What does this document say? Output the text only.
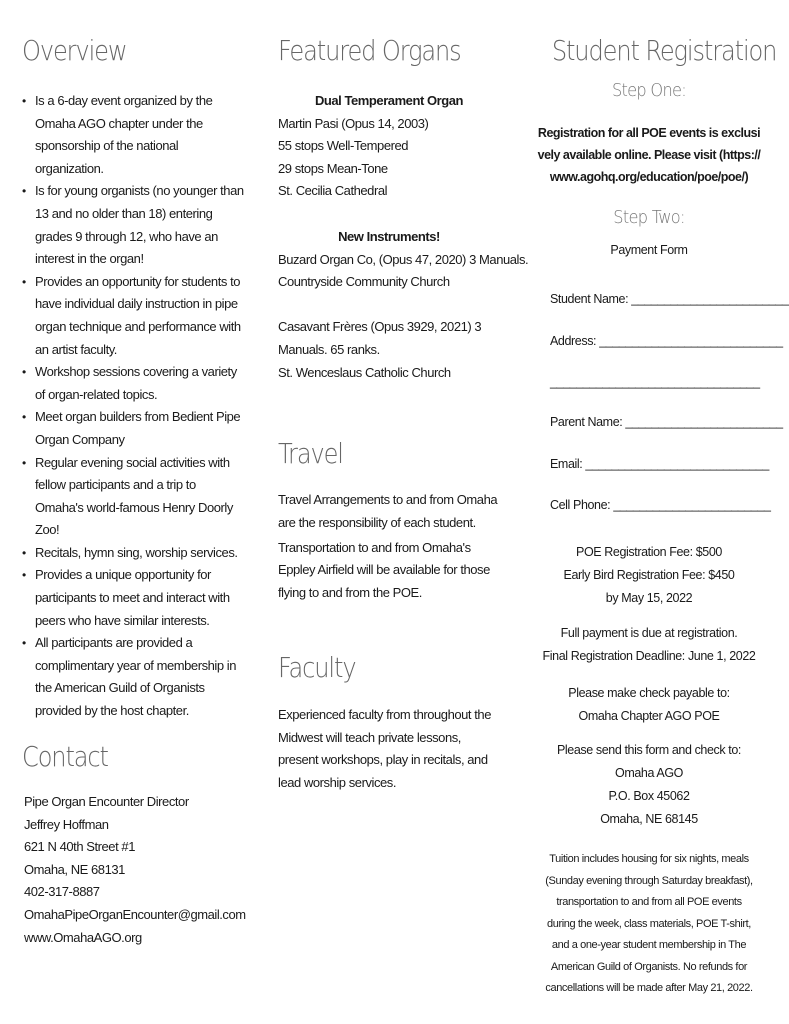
Overview
• Is a 6-day event organized by the Omaha AGO chapter under the sponsorship of the national organization.
• Is for young organists (no younger than 13 and no older than 18) entering grades 9 through 12, who have an interest in the organ!
• Provides an opportunity for students to have individual daily instruction in pipe organ technique and performance with an artist faculty.
• Workshop sessions covering a variety of organ-related topics.
• Meet organ builders from Bedient Pipe Organ Company
• Regular evening social activities with fellow participants and a trip to Omaha's world-famous Henry Doorly Zoo!
• Recitals, hymn sing, worship services.
• Provides a unique opportunity for participants to meet and interact with peers who have similar interests.
• All participants are provided a complimentary year of membership in the American Guild of Organists provided by the host chapter.
Contact
Pipe Organ Encounter Director
Jeffrey Hoffman
621 N 40th Street #1
Omaha, NE 68131
402-317-8887
OmahaPipeOrganEncounter@gmail.com
www.OmahaAGO.org
Featured Organs
Dual Temperament Organ
Martin Pasi (Opus 14, 2003)
55 stops Well-Tempered
29 stops Mean-Tone
St. Cecilia Cathedral
New Instruments!
Buzard Organ Co, (Opus 47, 2020) 3 Manuals.
Countryside Community Church
Casavant Frères (Opus 3929, 2021) 3
Manuals. 65 ranks.
St. Wenceslaus Catholic Church
Travel
Travel Arrangements to and from Omaha are the responsibility of each student.
Transportation to and from Omaha's Eppley Airfield will be available for those flying to and from the POE.
Faculty
Experienced faculty from throughout the Midwest will teach private lessons, present workshops, play in recitals, and lead worship services.
Student Registration
Step One:
Registration for all POE events is exclusively available online. Please visit (https://www.agohq.org/education/poe/poe/)
Step Two:
Payment Form
Student Name: ________________________
Address: ____________________________
________________________________
Parent Name: ________________________
Email: ____________________________
Cell Phone: ________________________
POE Registration Fee: $500
Early Bird Registration Fee: $450
by May 15, 2022
Full payment is due at registration.
Final Registration Deadline: June 1, 2022
Please make check payable to:
Omaha Chapter AGO POE
Please send this form and check to:
Omaha AGO
P.O. Box 45062
Omaha, NE 68145
Tuition includes housing for six nights, meals (Sunday evening through Saturday breakfast), transportation to and from all POE events during the week, class materials, POE T-shirt, and a one-year student membership in The American Guild of Organists. No refunds for cancellations will be made after May 21, 2022.
